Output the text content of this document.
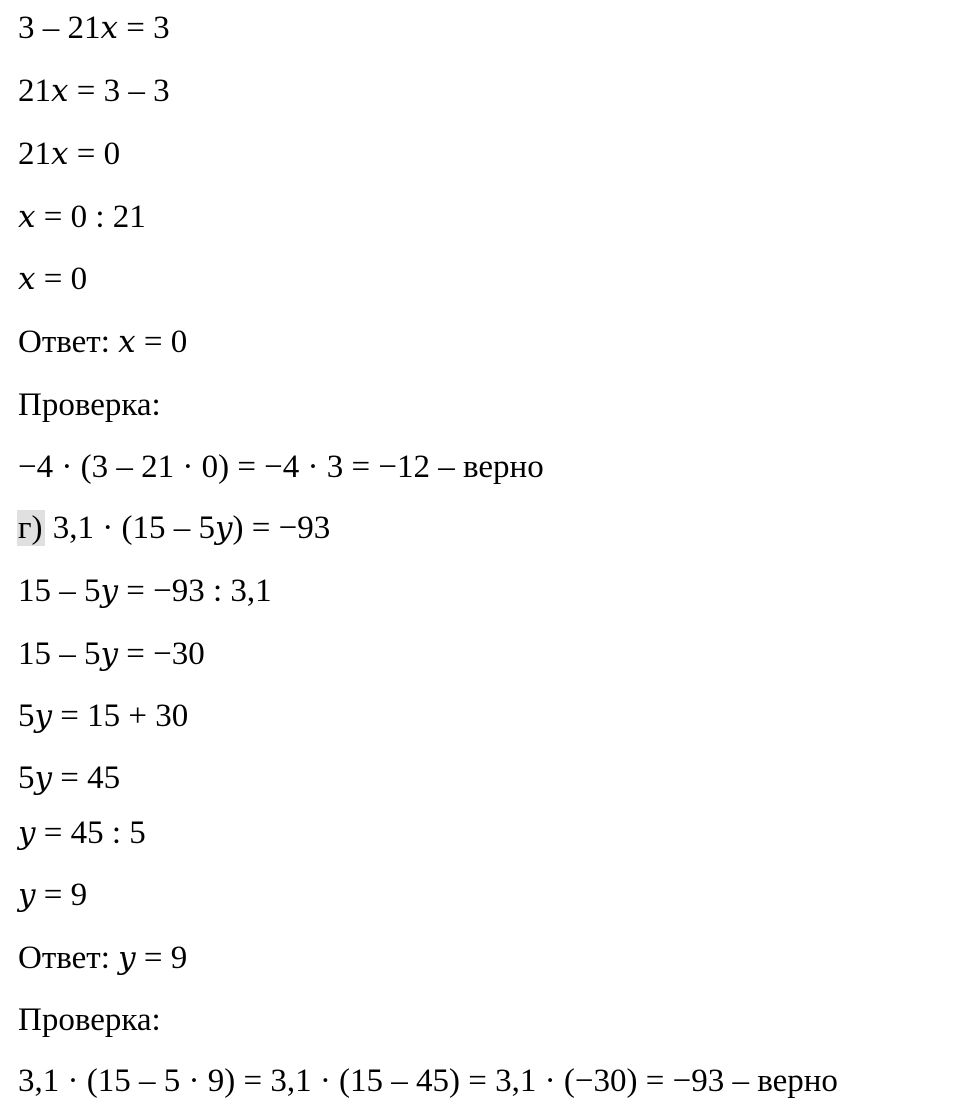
3 – 21x = 3
21x = 3 – 3
21x = 0
x = 0 : 21
x = 0
Ответ: x = 0
Проверка:
−4 · (3 – 21 · 0) = −4 · 3 = −12 – верно
г) 3,1 · (15 – 5y) = −93
15 – 5y = −93 : 3,1
15 – 5y = −30
5y = 15 + 30
5y = 45
y = 45 : 5
y = 9
Ответ: y = 9
Проверка:
3,1 · (15 – 5 · 9) = 3,1 · (15 – 45) = 3,1 · (−30) = −93 – верно
